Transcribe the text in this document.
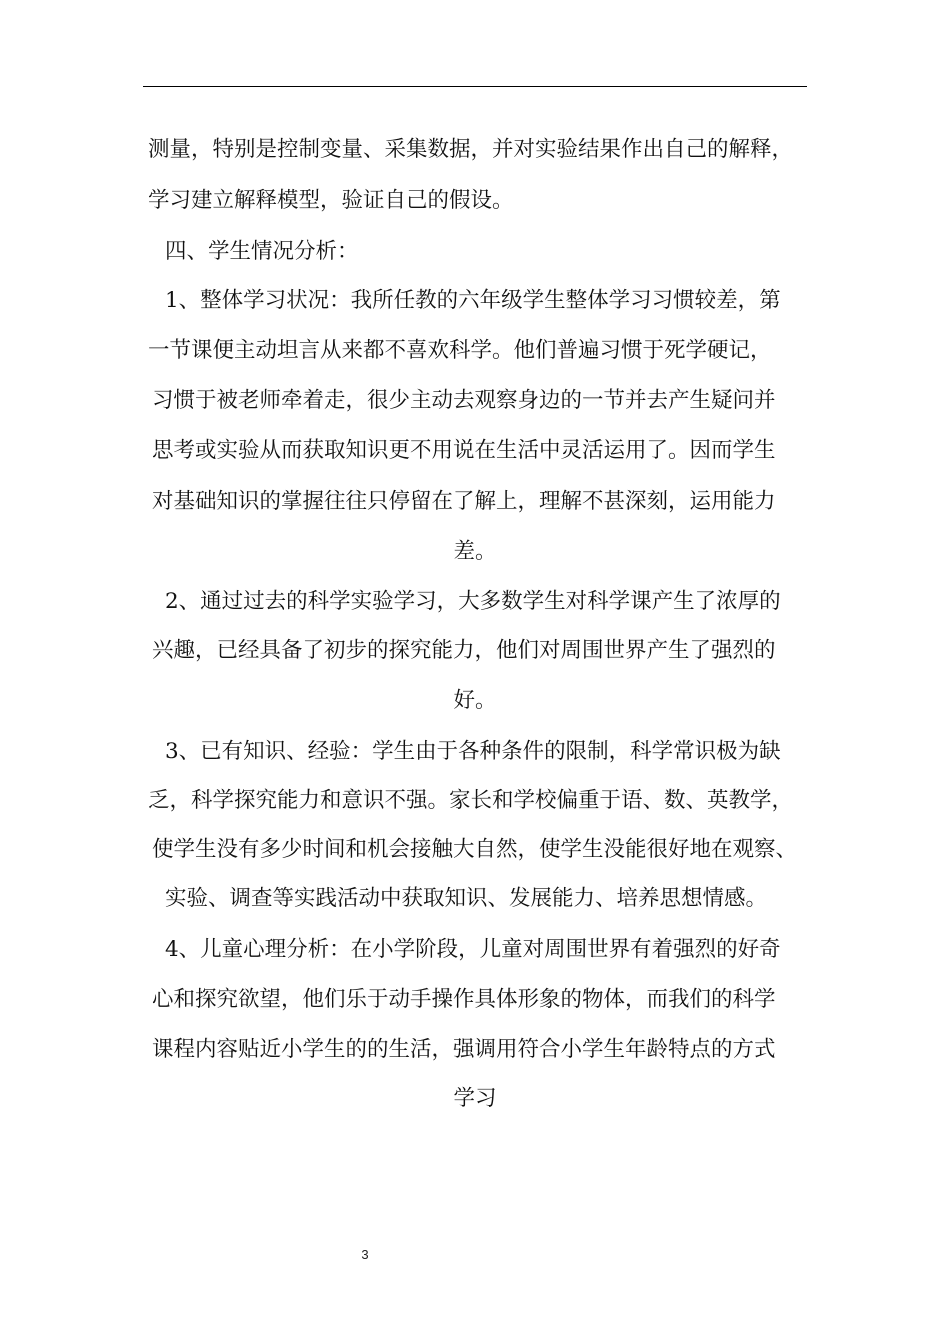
测量，特别是控制变量、采集数据，并对实验结果作出自己的解释，
学习建立解释模型，验证自己的假设。
四、学生情况分析：
1、整体学习状况：我所任教的六年级学生整体学习习惯较差，第
一节课便主动坦言从来都不喜欢科学。他们普遍习惯于死学硬记，
习惯于被老师牵着走，很少主动去观察身边的一节并去产生疑问并
思考或实验从而获取知识更不用说在生活中灵活运用了。因而学生
对基础知识的掌握往往只停留在了解上，理解不甚深刻，运用能力
差。
2、通过过去的科学实验学习，大多数学生对科学课产生了浓厚的
兴趣，已经具备了初步的探究能力，他们对周围世界产生了强烈的
好。
3、已有知识、经验：学生由于各种条件的限制，科学常识极为缺
乏，科学探究能力和意识不强。家长和学校偏重于语、数、英教学，
使学生没有多少时间和机会接触大自然，使学生没能很好地在观察、
实验、调查等实践活动中获取知识、发展能力、培养思想情感。
4、儿童心理分析：在小学阶段，儿童对周围世界有着强烈的好奇
心和探究欲望，他们乐于动手操作具体形象的物体，而我们的科学
课程内容贴近小学生的的生活，强调用符合小学生年龄特点的方式
学习
3
